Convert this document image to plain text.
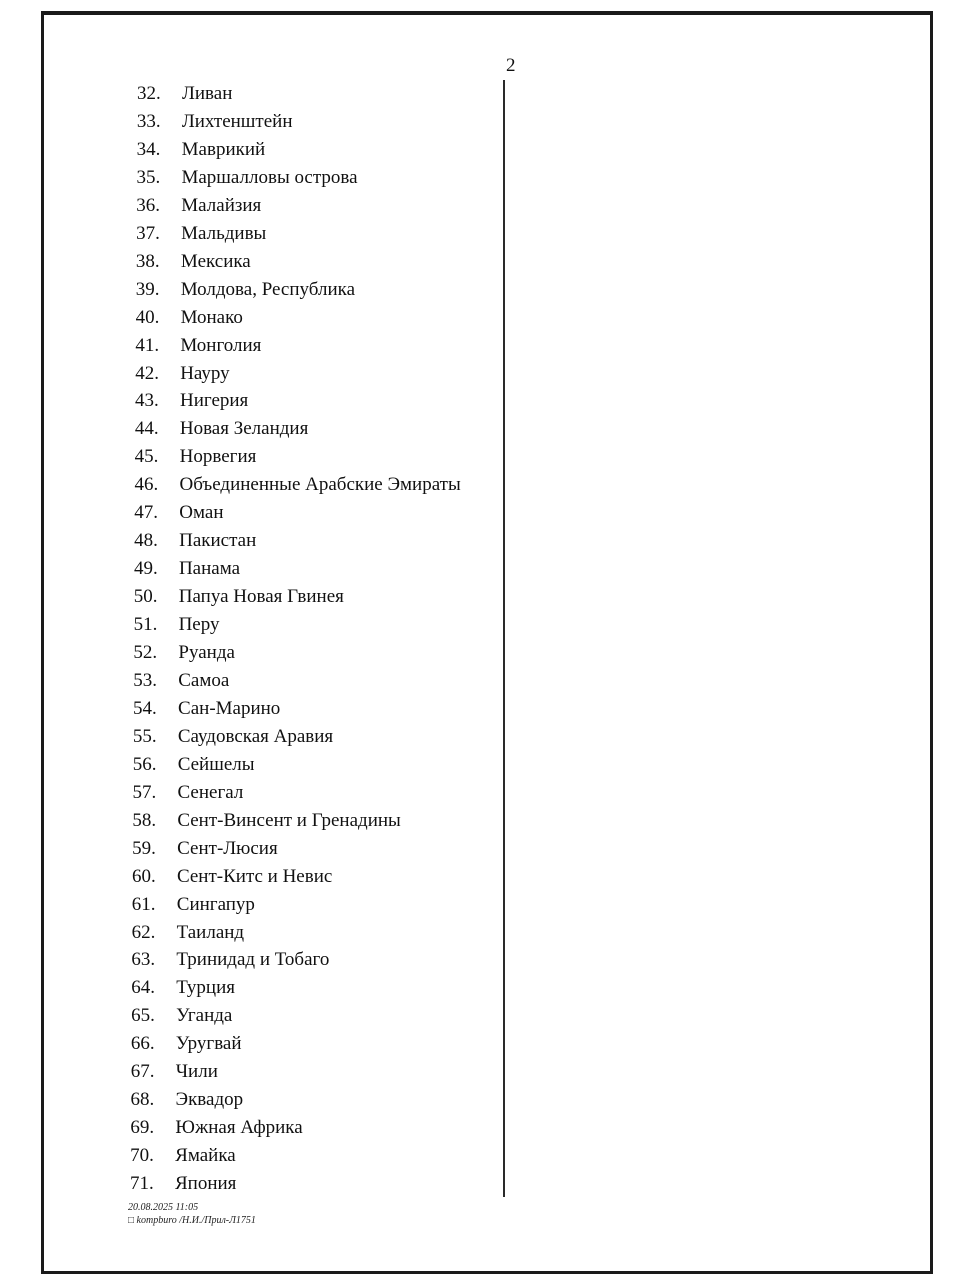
2
32.	Ливан
33.	Лихтенштейн
34.	Маврикий
35.	Маршалловы острова
36.	Малайзия
37.	Мальдивы
38.	Мексика
39.	Молдова, Республика
40.	Монако
41.	Монголия
42.	Науру
43.	Нигерия
44.	Новая Зеландия
45.	Норвегия
46.	Объединенные Арабские Эмираты
47.	Оман
48.	Пакистан
49.	Панама
50.	Папуа Новая Гвинея
51.	Перу
52.	Руанда
53.	Самоа
54.	Сан-Марино
55.	Саудовская Аравия
56.	Сейшелы
57.	Сенегал
58.	Сент-Винсент и Гренадины
59.	Сент-Люсия
60.	Сент-Китс и Невис
61.	Сингапур
62.	Таиланд
63.	Тринидад и Тобаго
64.	Турция
65.	Уганда
66.	Уругвай
67.	Чили
68.	Эквадор
69.	Южная Африка
70.	Ямайка
71.	Япония
20.08.2025 11:05
□ kompburo /Н.И./Прил-Л1751
